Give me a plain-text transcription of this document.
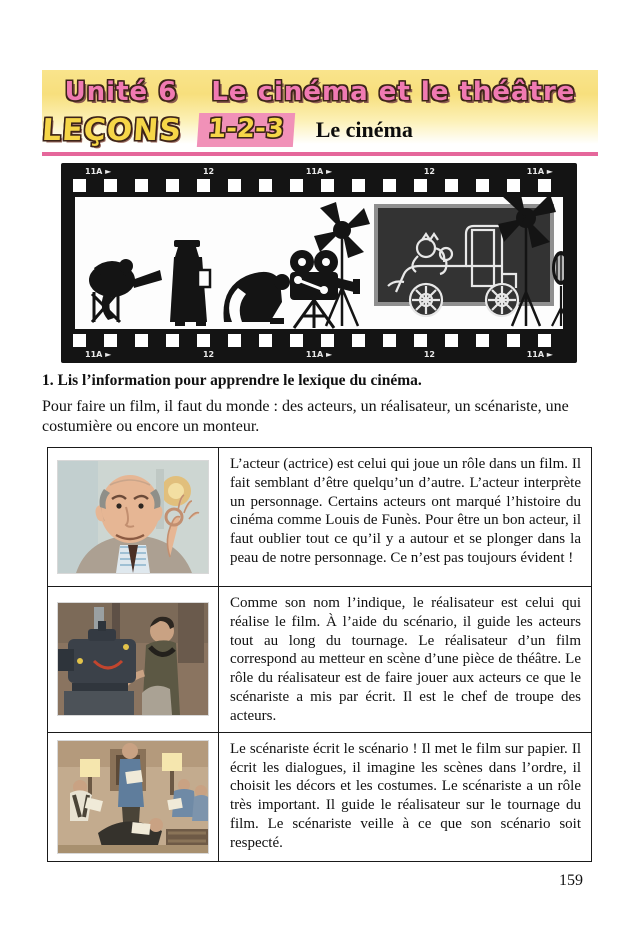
Unité 6 Le cinéma et le théâtre
LEÇONS 1-2-3	Le cinéma
11A ►	12	11A ►	12	11A ►
11A ►	12	11A ►	12	11A ►
1. Lis l’information pour apprendre le lexique du cinéma.
Pour faire un film, il faut du monde : des acteurs, un réalisateur, un scénariste, une costumière ou encore un monteur.
L’acteur (actrice) est celui qui joue un rôle dans un film. Il fait semblant d’être quelqu’un d’autre. L’acteur interprète un personnage. Certains acteurs ont marqué l’histoire du cinéma comme Louis de Funès. Pour être un bon acteur, il faut oublier tout ce qu’il y a autour et se plonger dans la peau de notre personnage. Ce n’est pas toujours évident !
Comme son nom l’indique, le réalisateur est celui qui réalise le film. À l’aide du scénario, il guide les acteurs tout au long du tournage. Le réalisateur d’un film correspond au metteur en scène d’une pièce de théâtre. Le rôle du réalisateur est de faire jouer aux acteurs ce que le scénariste a mis par écrit. Il est le chef de troupe des acteurs.
Le scénariste écrit le scénario ! Il met le film sur papier. Il écrit les dialogues, il imagine les scènes dans l’ordre, il choisit les décors et les costumes. Le scénariste a un rôle très important. Il guide le réalisateur sur le tournage du film. Le scénariste veille à ce que son scénario soit respecté.
159
